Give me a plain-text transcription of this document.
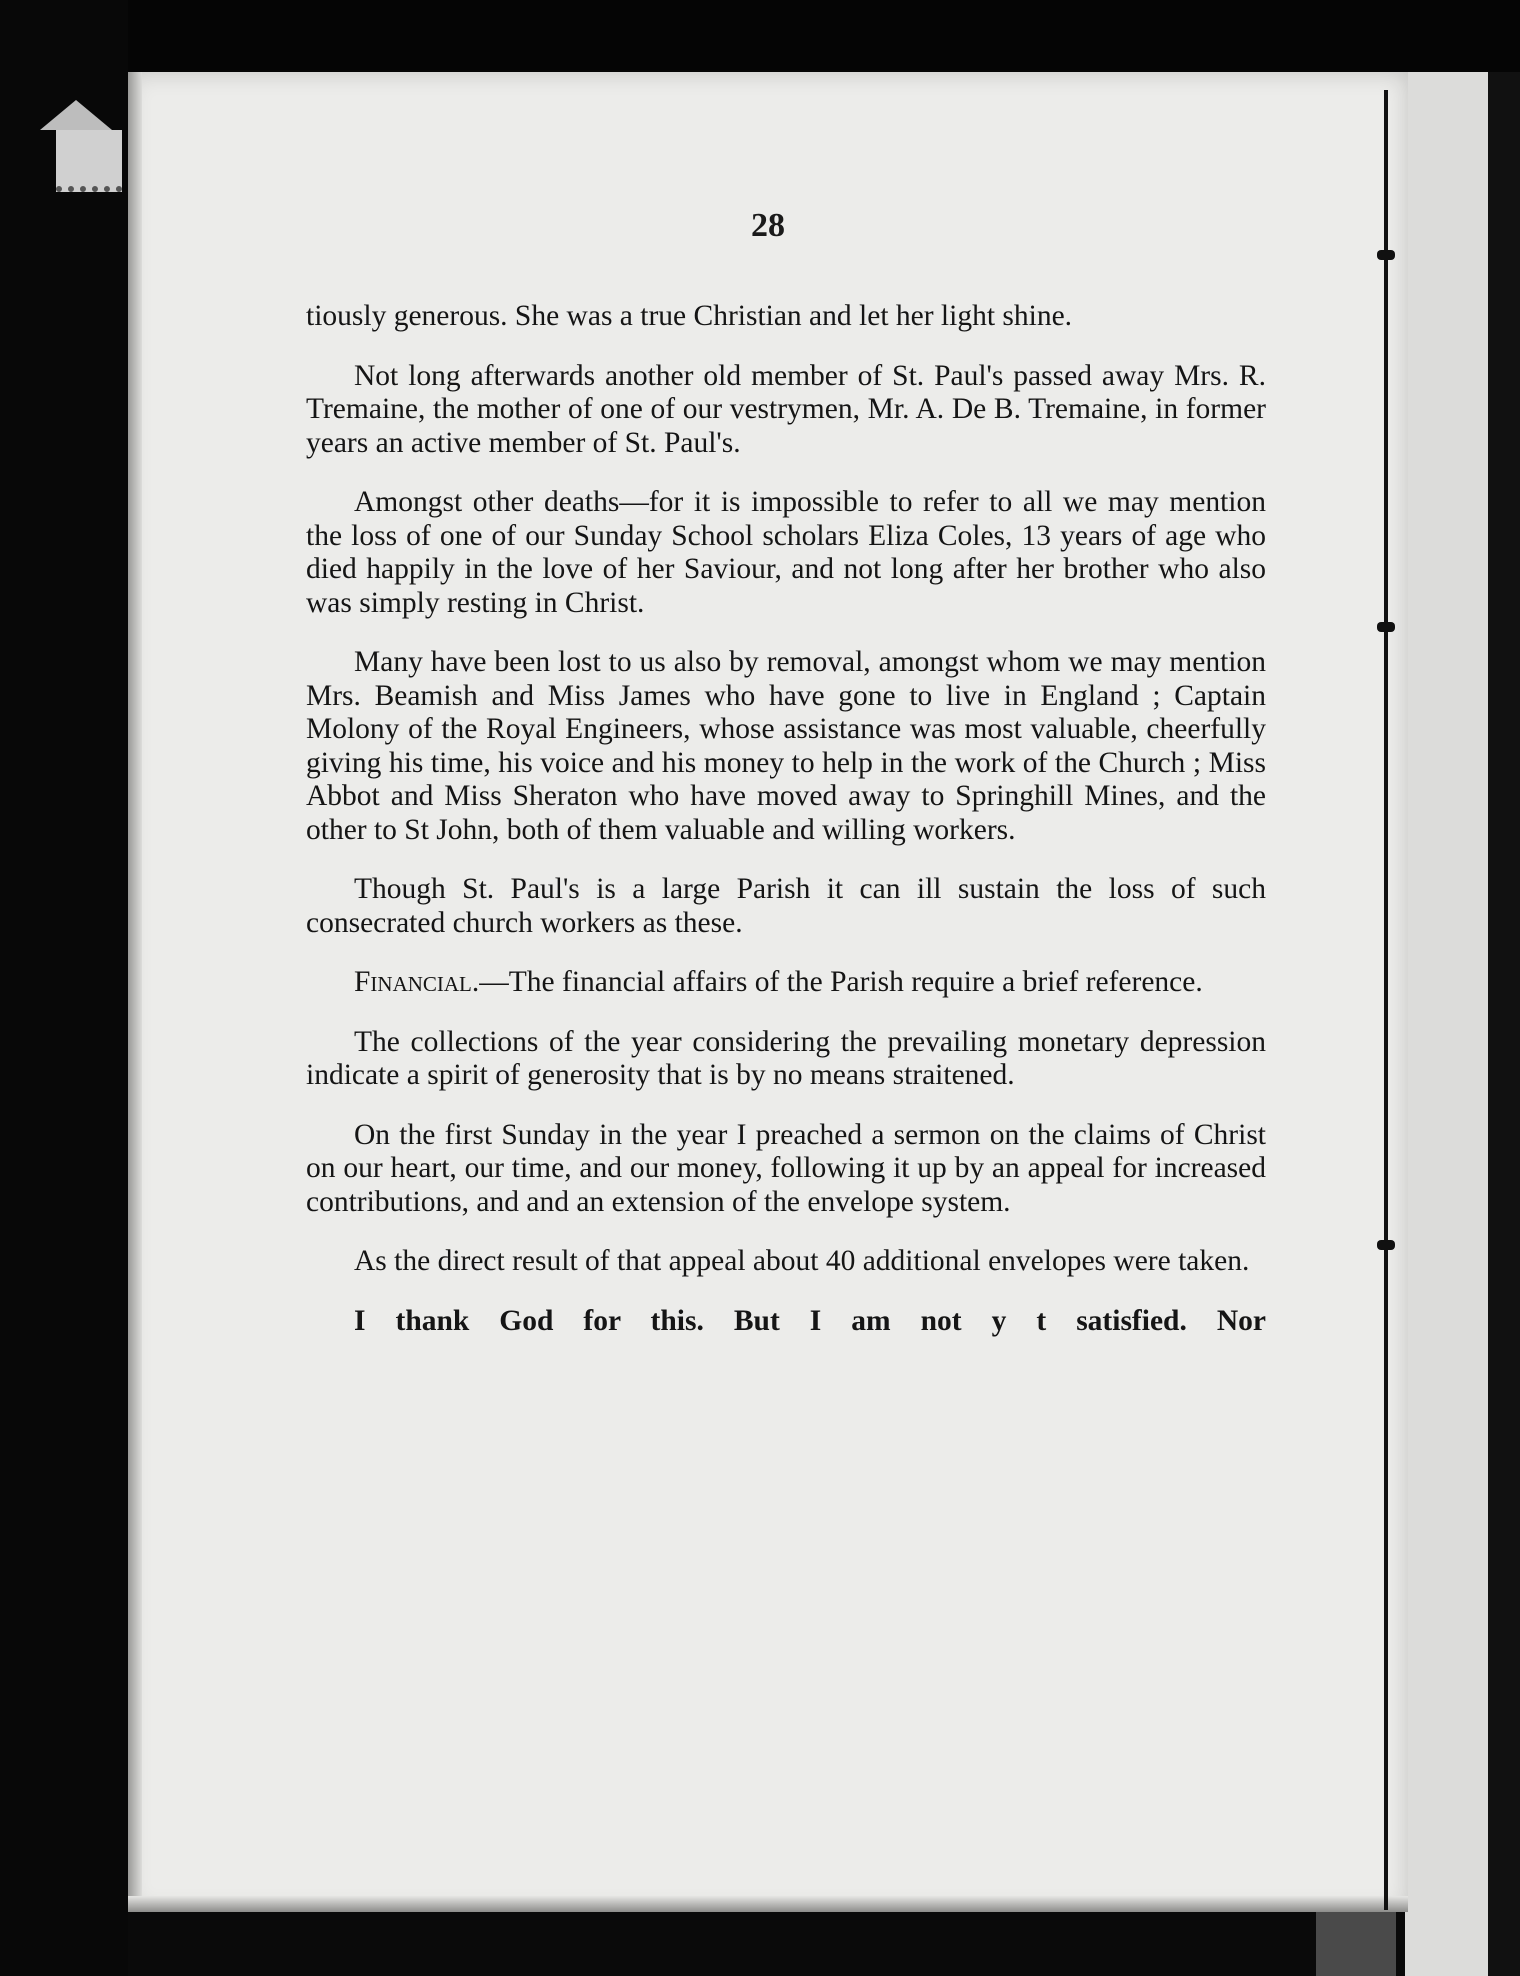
28

tiously generous. She was a true Christian and let her light shine.

Not long afterwards another old member of St. Paul's passed away Mrs. R. Tremaine, the mother of one of our vestrymen, Mr. A. De B. Tremaine, in former years an active member of St. Paul's.

Amongst other deaths—for it is impossible to refer to all we may mention the loss of one of our Sunday School scholars Eliza Coles, 13 years of age who died happily in the love of her Saviour, and not long after her brother who also was simply resting in Christ.

Many have been lost to us also by removal, amongst whom we may mention Mrs. Beamish and Miss James who have gone to live in England ; Captain Molony of the Royal Engineers, whose assistance was most valuable, cheerfully giving his time, his voice and his money to help in the work of the Church ; Miss Abbot and Miss Sheraton who have moved away to Springhill Mines, and the other to St John, both of them valuable and willing workers.

Though St. Paul's is a large Parish it can ill sustain the loss of such consecrated church workers as these.

Financial.—The financial affairs of the Parish require a brief reference.

The collections of the year considering the prevailing monetary depression indicate a spirit of generosity that is by no means straitened.

On the first Sunday in the year I preached a sermon on the claims of Christ on our heart, our time, and our money, following it up by an appeal for increased contributions, and and an extension of the envelope system.

As the direct result of that appeal about 40 additional envelopes were taken.

I thank God for this. But I am not y t satisfied. Nor
